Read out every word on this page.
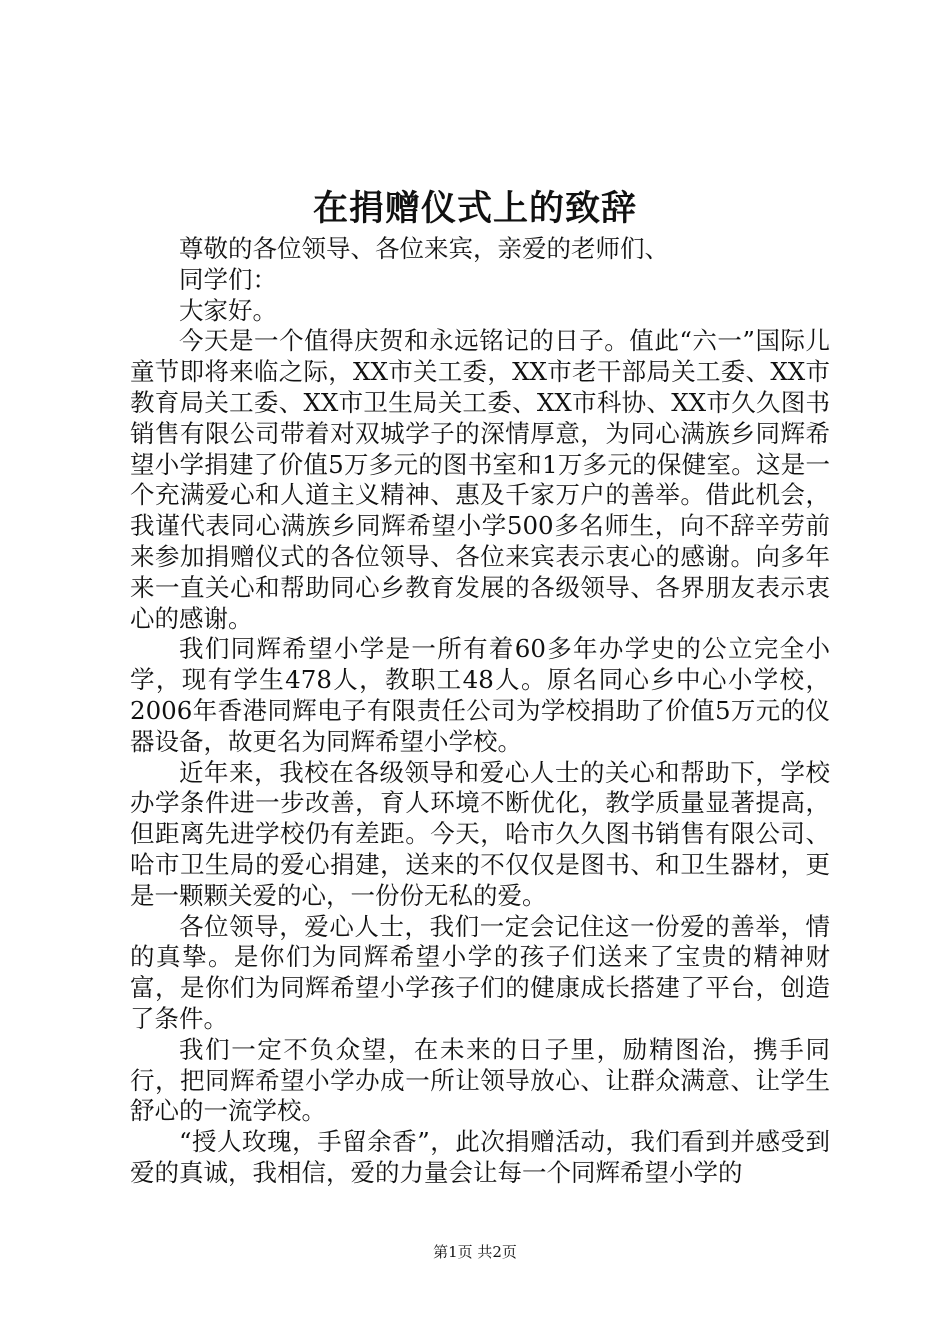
在捐赠仪式上的致辞

尊敬的各位领导、各位来宾，亲爱的老师们、

同学们：

大家好。

今天是一个值得庆贺和永远铭记的日子。值此“六一”国际儿童节即将来临之际，XX市关工委，XX市老干部局关工委、XX市教育局关工委、XX市卫生局关工委、XX市科协、XX市久久图书销售有限公司带着对双城学子的深情厚意，为同心满族乡同辉希望小学捐建了价值5万多元的图书室和1万多元的保健室。这是一个充满爱心和人道主义精神、惠及千家万户的善举。借此机会，我谨代表同心满族乡同辉希望小学500多名师生，向不辞辛劳前来参加捐赠仪式的各位领导、各位来宾表示衷心的感谢。向多年来一直关心和帮助同心乡教育发展的各级领导、各界朋友表示衷心的感谢。

我们同辉希望小学是一所有着60多年办学史的公立完全小学，现有学生478人，教职工48人。原名同心乡中心小学校，2006年香港同辉电子有限责任公司为学校捐助了价值5万元的仪器设备，故更名为同辉希望小学校。

近年来，我校在各级领导和爱心人士的关心和帮助下，学校办学条件进一步改善，育人环境不断优化，教学质量显著提高，但距离先进学校仍有差距。今天，哈市久久图书销售有限公司、哈市卫生局的爱心捐建，送来的不仅仅是图书、和卫生器材，更是一颗颗关爱的心，一份份无私的爱。

各位领导，爱心人士，我们一定会记住这一份爱的善举，情的真挚。是你们为同辉希望小学的孩子们送来了宝贵的精神财富，是你们为同辉希望小学孩子们的健康成长搭建了平台，创造了条件。

我们一定不负众望，在未来的日子里，励精图治，携手同行，把同辉希望小学办成一所让领导放心、让群众满意、让学生舒心的一流学校。

“授人玫瑰，手留余香”，此次捐赠活动，我们看到并感受到爱的真诚，我相信，爱的力量会让每一个同辉希望小学的

第1页 共2页
